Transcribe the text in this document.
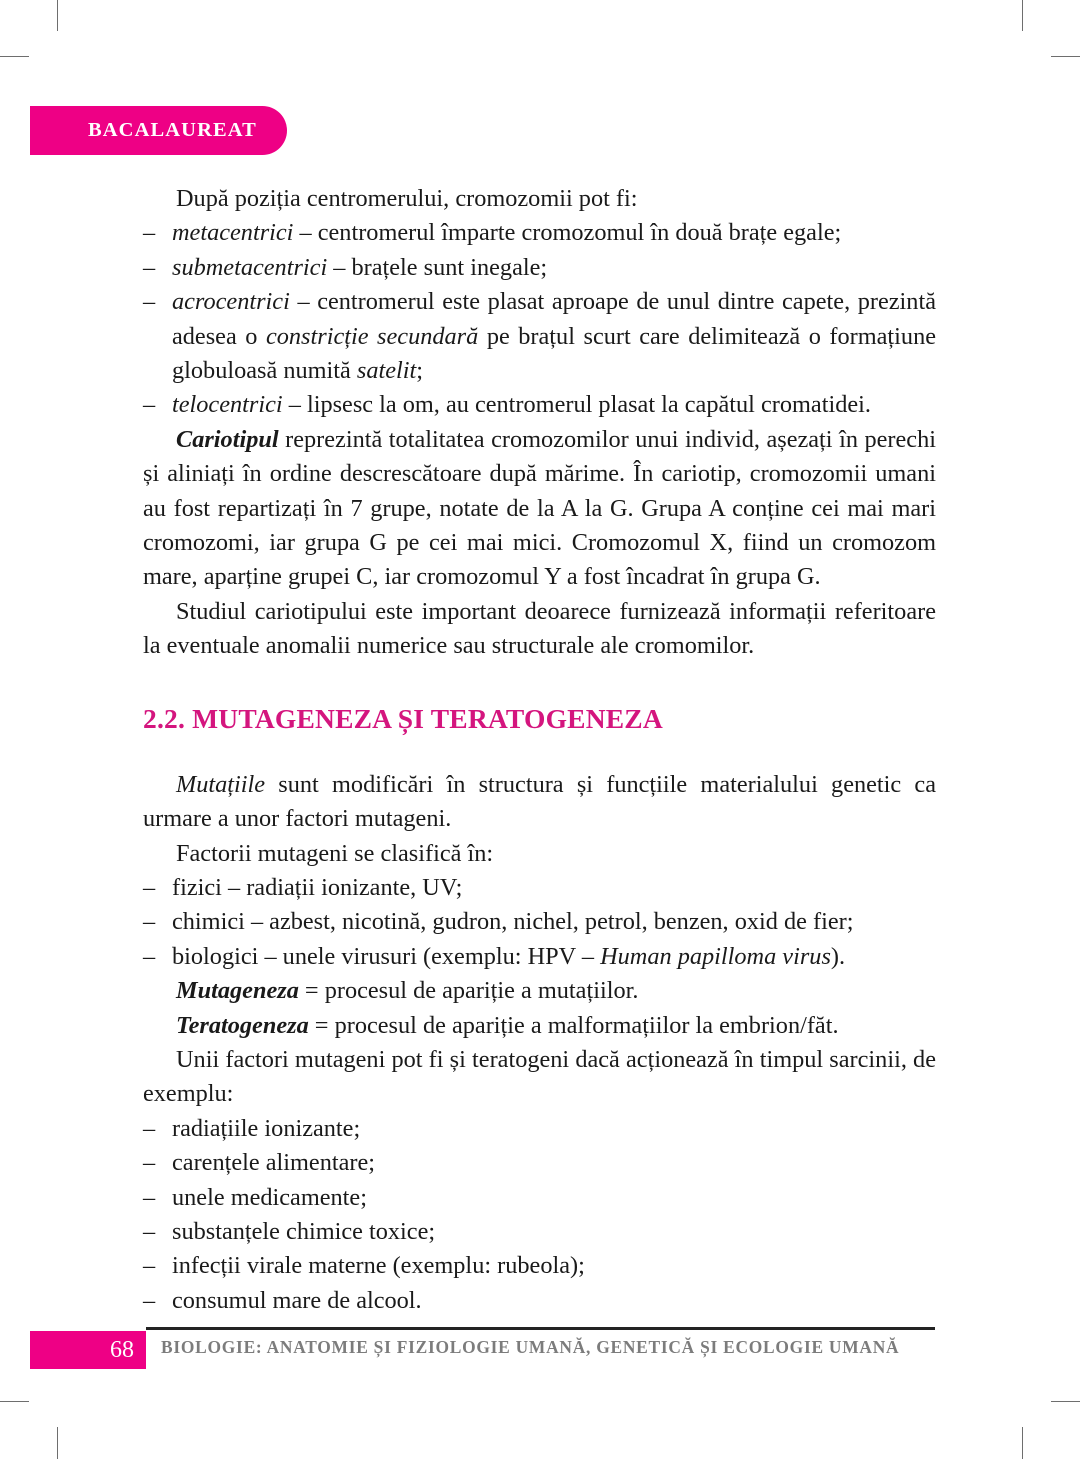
BACALAUREAT

După poziția centromerului, cromozomii pot fi:

– metacentrici – centromerul împarte cromozomul în două brațe egale;
– submetacentrici – brațele sunt inegale;
– acrocentrici – centromerul este plasat aproape de unul dintre capete, prezintă adesea o constricție secundară pe brațul scurt care delimitează o formațiune globuloasă numită satelit;
– telocentrici – lipsesc la om, au centromerul plasat la capătul cromatidei.

Cariotipul reprezintă totalitatea cromozomilor unui individ, așezați în perechi și aliniați în ordine descrescătoare după mărime. În cariotip, cromozomii umani au fost repartizați în 7 grupe, notate de la A la G. Grupa A conține cei mai mari cromozomi, iar grupa G pe cei mai mici. Cromozomul X, fiind un cromozom mare, aparține grupei C, iar cromozomul Y a fost încadrat în grupa G.

Studiul cariotipului este important deoarece furnizează informații referitoare la eventuale anomalii numerice sau structurale ale cromomilor.

2.2. MUTAGENEZA ȘI TERATOGENEZA

Mutațiile sunt modificări în structura și funcțiile materialului genetic ca urmare a unor factori mutageni.

Factorii mutageni se clasifică în:

– fizici – radiații ionizante, UV;
– chimici – azbest, nicotină, gudron, nichel, petrol, benzen, oxid de fier;
– biologici – unele virusuri (exemplu: HPV – Human papilloma virus).

Mutageneza = procesul de apariție a mutațiilor.

Teratogeneza = procesul de apariție a malformațiilor la embrion/făt.

Unii factori mutageni pot fi și teratogeni dacă acționează în timpul sarcinii, de exemplu:

– radiațiile ionizante;
– carențele alimentare;
– unele medicamente;
– substanțele chimice toxice;
– infecții virale materne (exemplu: rubeola);
– consumul mare de alcool.
68 BIOLOGIE: ANATOMIE ȘI FIZIOLOGIE UMANĂ, GENETICĂ ȘI ECOLOGIE UMANĂ
